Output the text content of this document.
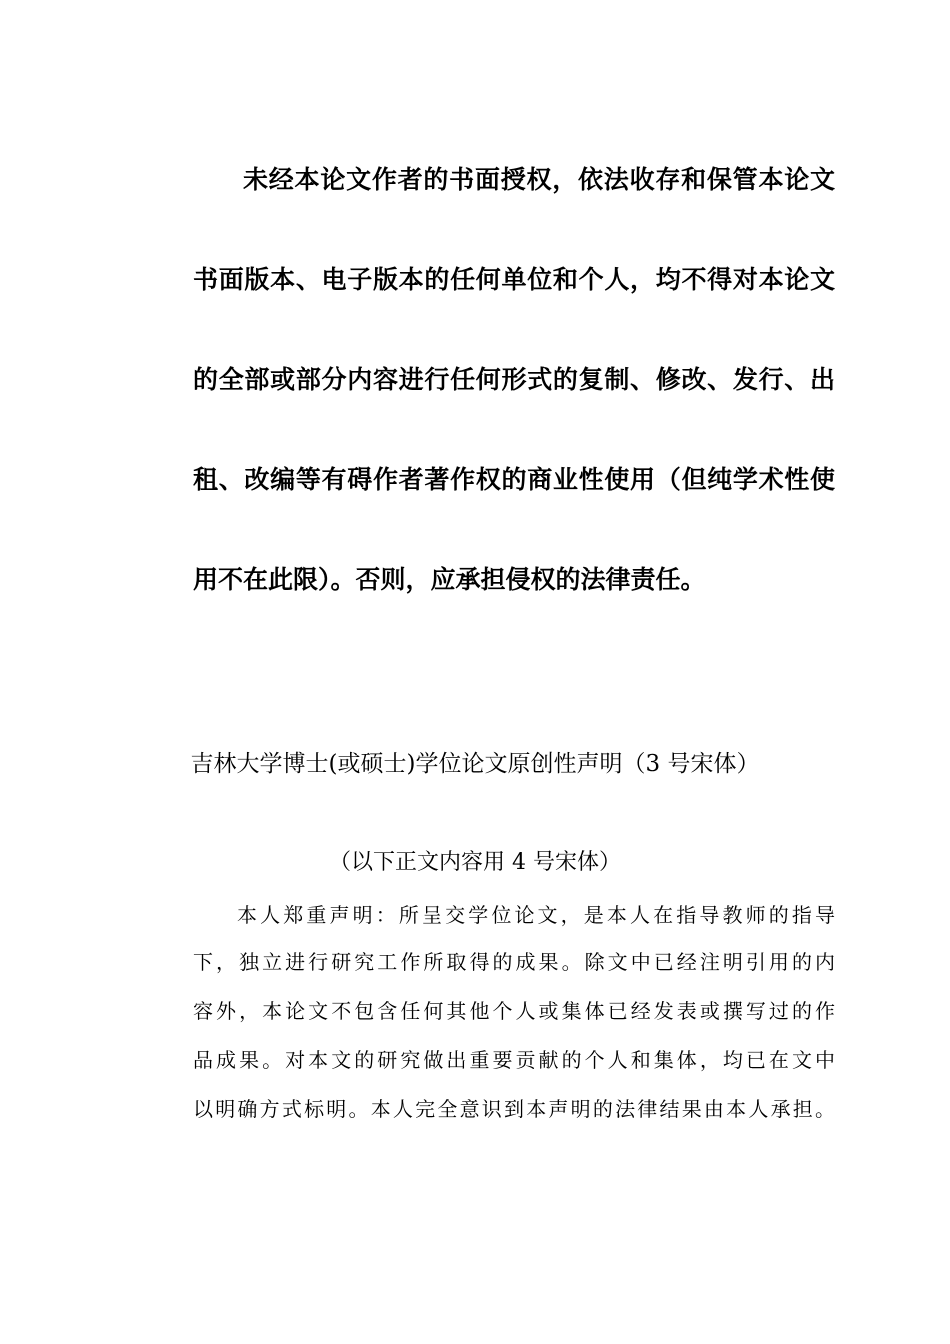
未经本论文作者的书面授权，依法收存和保管本论文
书面版本、电子版本的任何单位和个人，均不得对本论文
的全部或部分内容进行任何形式的复制、修改、发行、出
租、改编等有碍作者著作权的商业性使用（但纯学术性使
用不在此限）。否则，应承担侵权的法律责任。
吉林大学博士(或硕士)学位论文原创性声明（3 号宋体）
（以下正文内容用 4 号宋体）
本人郑重声明：所呈交学位论文，是本人在指导教师的指导
下，独立进行研究工作所取得的成果。除文中已经注明引用的内
容外，本论文不包含任何其他个人或集体已经发表或撰写过的作
品成果。对本文的研究做出重要贡献的个人和集体，均已在文中
以明确方式标明。本人完全意识到本声明的法律结果由本人承担。
